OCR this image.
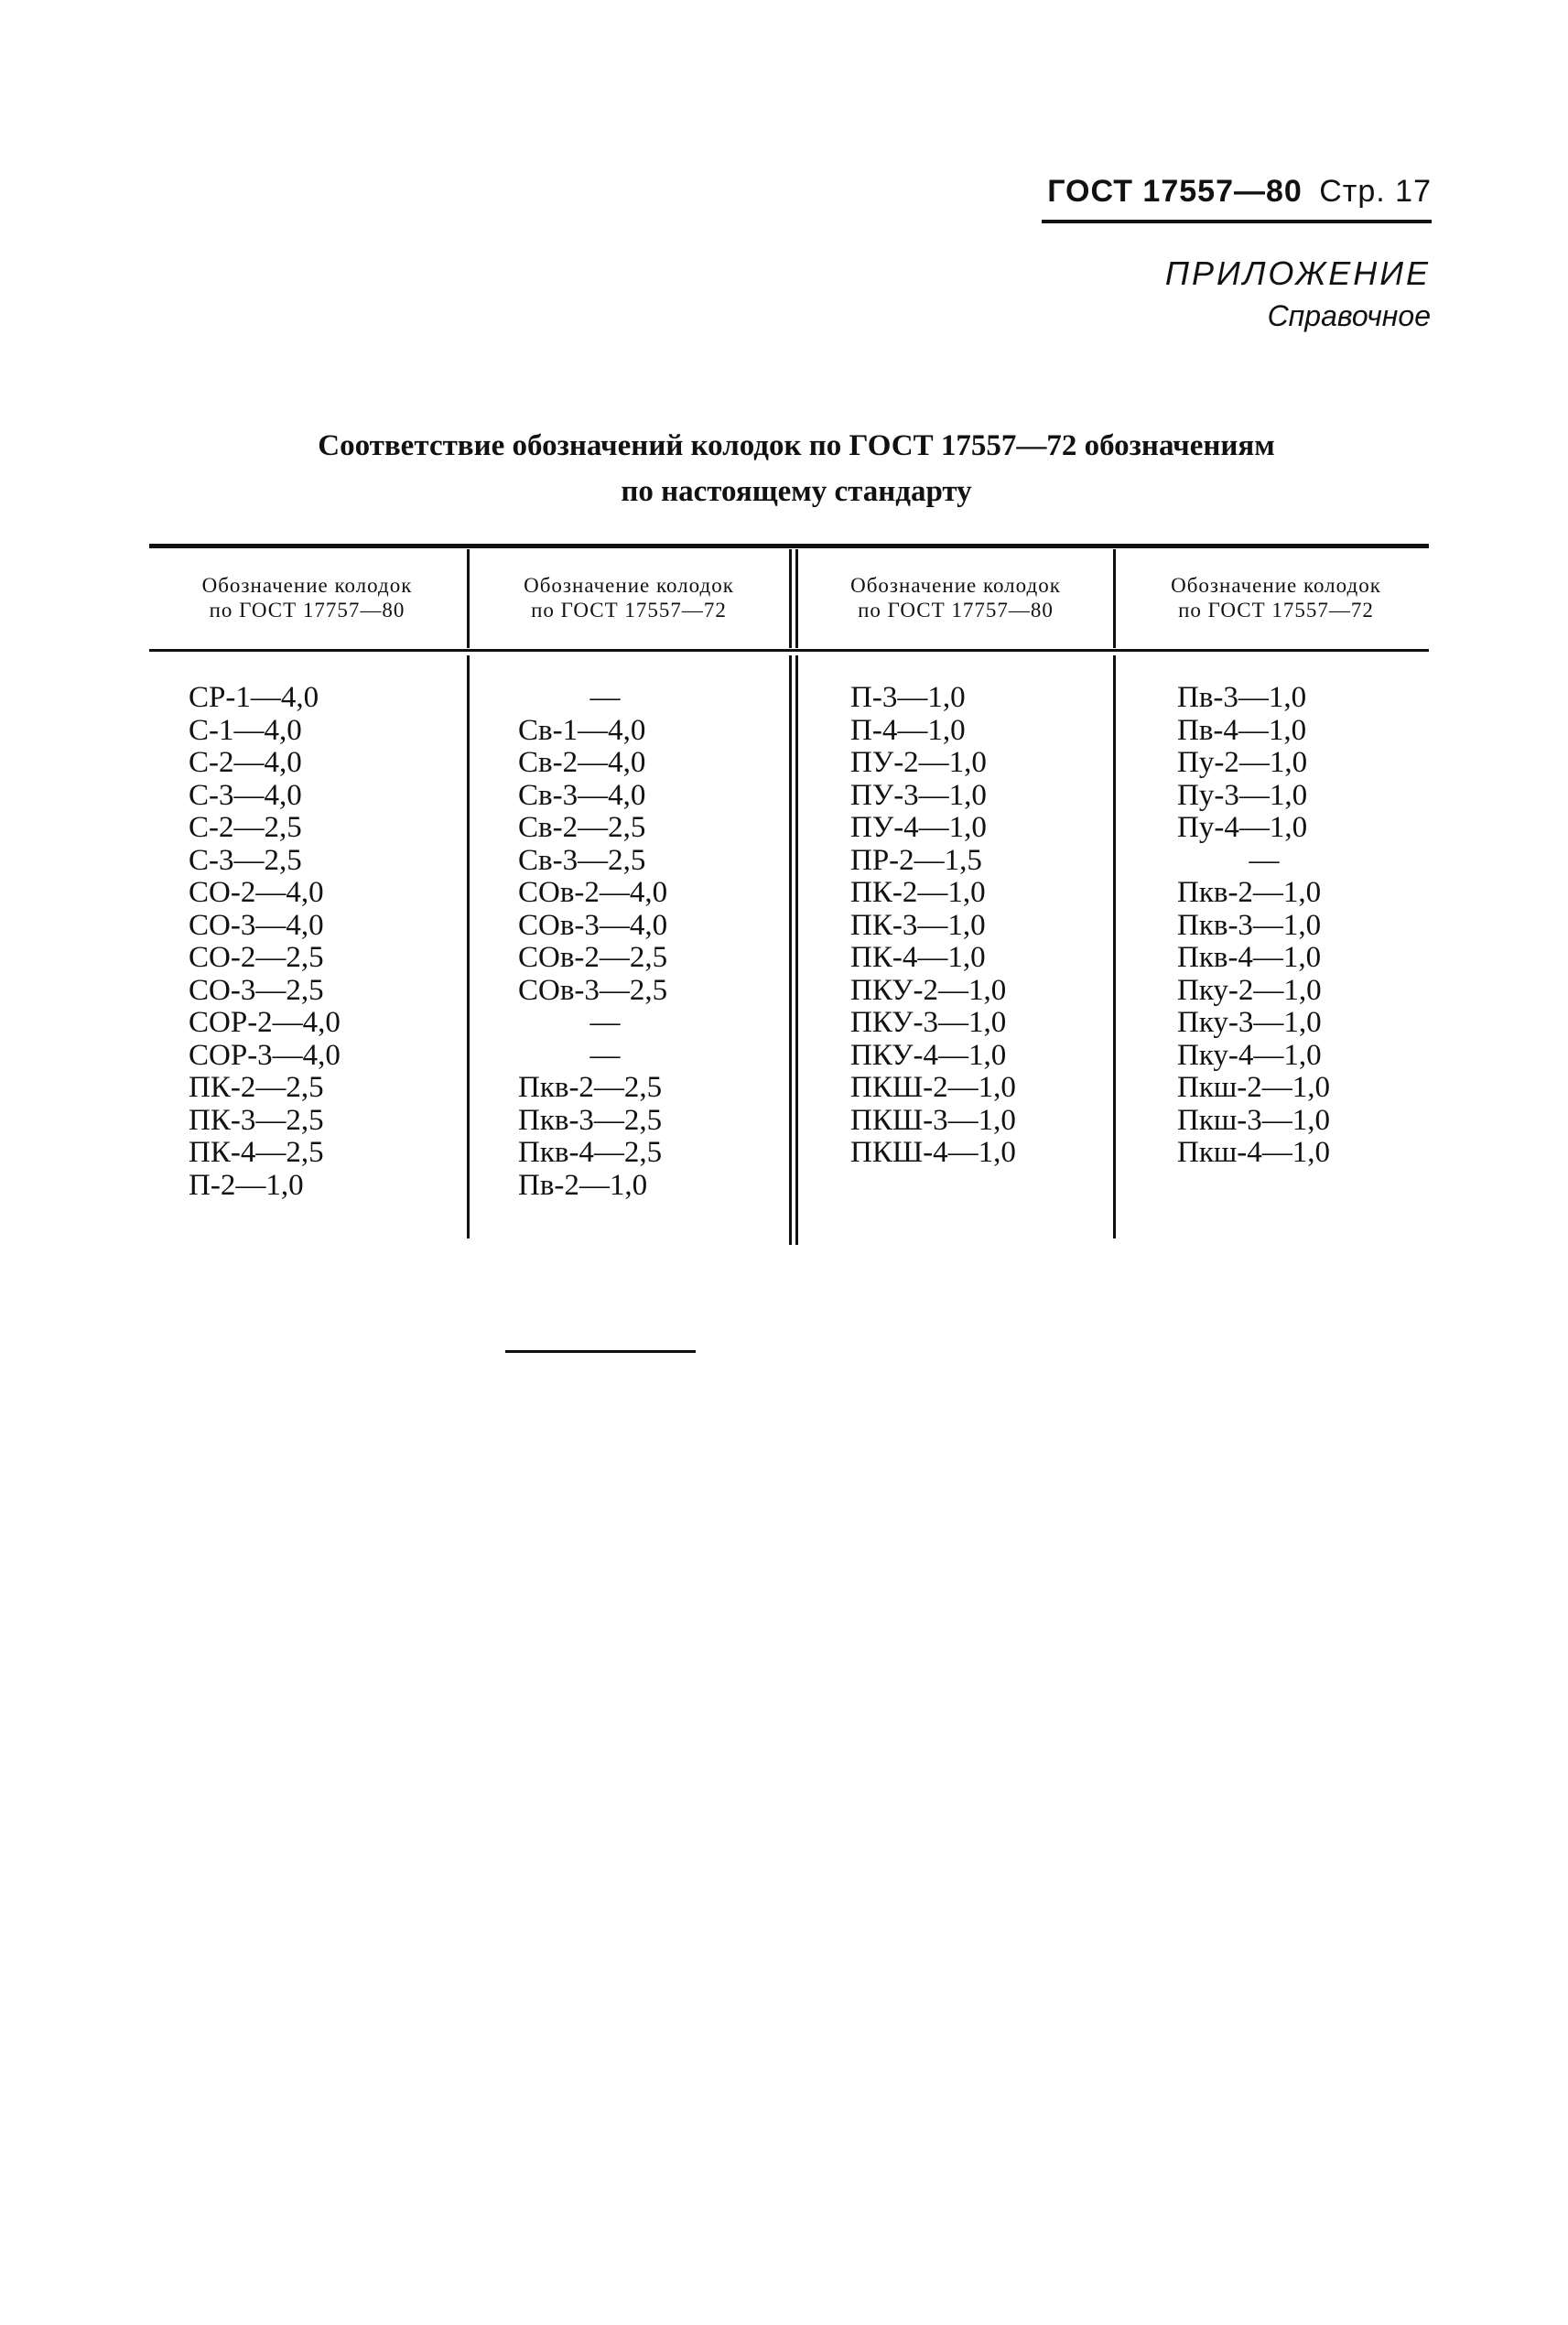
ГОСТ 17557—80 Стр. 17
ПРИЛОЖЕНИЕ
Справочное
Соответствие обозначений колодок по ГОСТ 17557—72 обозначениям
по настоящему стандарту
Обозначение колодок
по ГОСТ 17757—80
Обозначение колодок
по ГОСТ 17557—72
Обозначение колодок
по ГОСТ 17757—80
Обозначение колодок
по ГОСТ 17557—72
СР-1—4,0
С-1—4,0
С-2—4,0
С-3—4,0
С-2—2,5
С-3—2,5
СО-2—4,0
СО-3—4,0
СО-2—2,5
СО-3—2,5
СОР-2—4,0
СОР-3—4,0
ПК-2—2,5
ПК-3—2,5
ПК-4—2,5
П-2—1,0
—
Св-1—4,0
Св-2—4,0
Св-3—4,0
Св-2—2,5
Св-3—2,5
СОв-2—4,0
СОв-3—4,0
СОв-2—2,5
СОв-3—2,5
—
—
Пкв-2—2,5
Пкв-3—2,5
Пкв-4—2,5
Пв-2—1,0
П-3—1,0
П-4—1,0
ПУ-2—1,0
ПУ-3—1,0
ПУ-4—1,0
ПР-2—1,5
ПК-2—1,0
ПК-3—1,0
ПК-4—1,0
ПКУ-2—1,0
ПКУ-3—1,0
ПКУ-4—1,0
ПКШ-2—1,0
ПКШ-3—1,0
ПКШ-4—1,0
Пв-3—1,0
Пв-4—1,0
Пу-2—1,0
Пу-3—1,0
Пу-4—1,0
—
Пкв-2—1,0
Пкв-3—1,0
Пкв-4—1,0
Пку-2—1,0
Пку-3—1,0
Пку-4—1,0
Пкш-2—1,0
Пкш-3—1,0
Пкш-4—1,0
